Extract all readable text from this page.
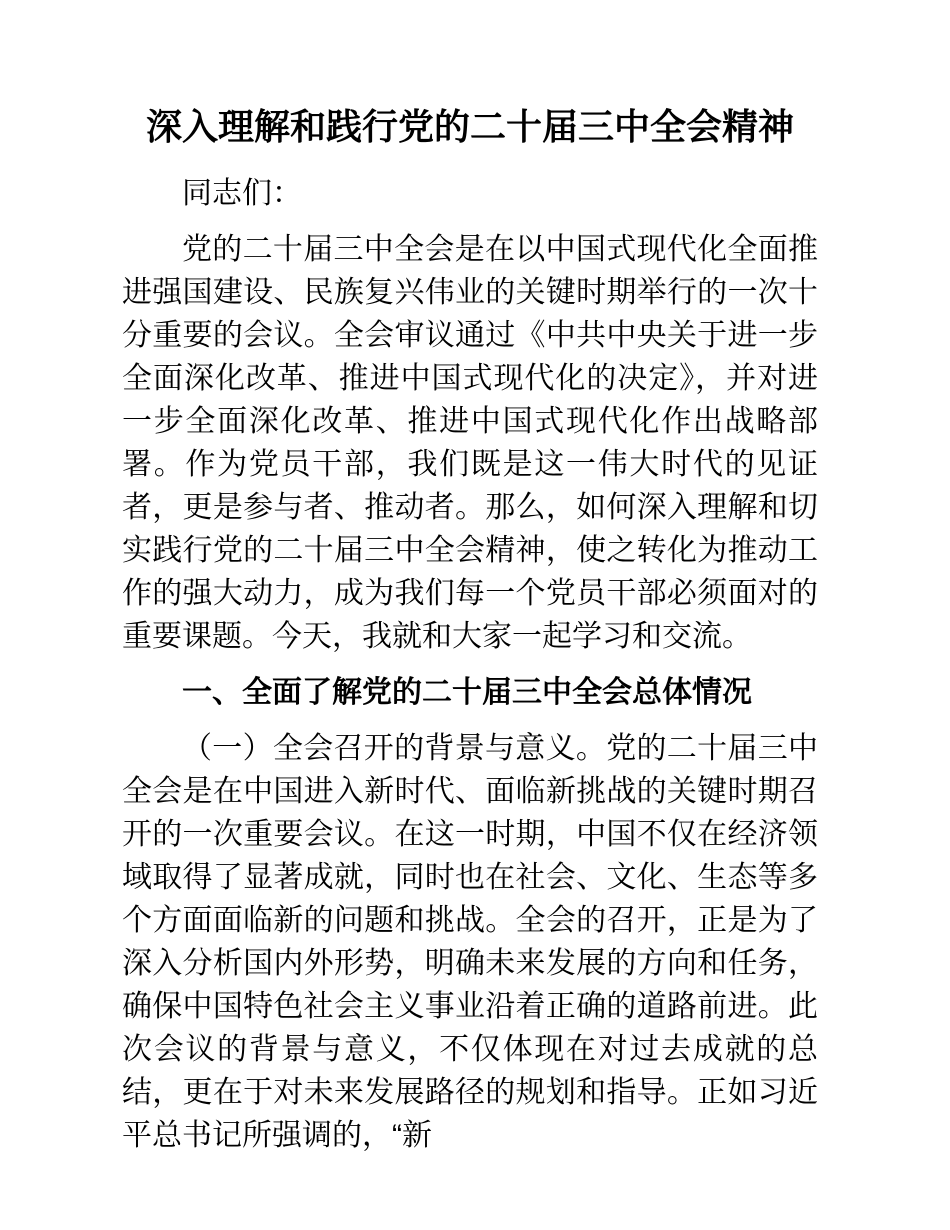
深入理解和践行党的二十届三中全会精神

同志们：

党的二十届三中全会是在以中国式现代化全面推进强国建设、民族复兴伟业的关键时期举行的一次十分重要的会议。全会审议通过《中共中央关于进一步全面深化改革、推进中国式现代化的决定》，并对进一步全面深化改革、推进中国式现代化作出战略部署。作为党员干部，我们既是这一伟大时代的见证者，更是参与者、推动者。那么，如何深入理解和切实践行党的二十届三中全会精神，使之转化为推动工作的强大动力，成为我们每一个党员干部必须面对的重要课题。今天，我就和大家一起学习和交流。

一、全面了解党的二十届三中全会总体情况

（一）全会召开的背景与意义。党的二十届三中全会是在中国进入新时代、面临新挑战的关键时期召开的一次重要会议。在这一时期，中国不仅在经济领域取得了显著成就，同时也在社会、文化、生态等多个方面面临新的问题和挑战。全会的召开，正是为了深入分析国内外形势，明确未来发展的方向和任务，确保中国特色社会主义事业沿着正确的道路前进。此次会议的背景与意义，不仅体现在对过去成就的总结，更在于对未来发展路径的规划和指导。正如习近平总书记所强调的，“新
